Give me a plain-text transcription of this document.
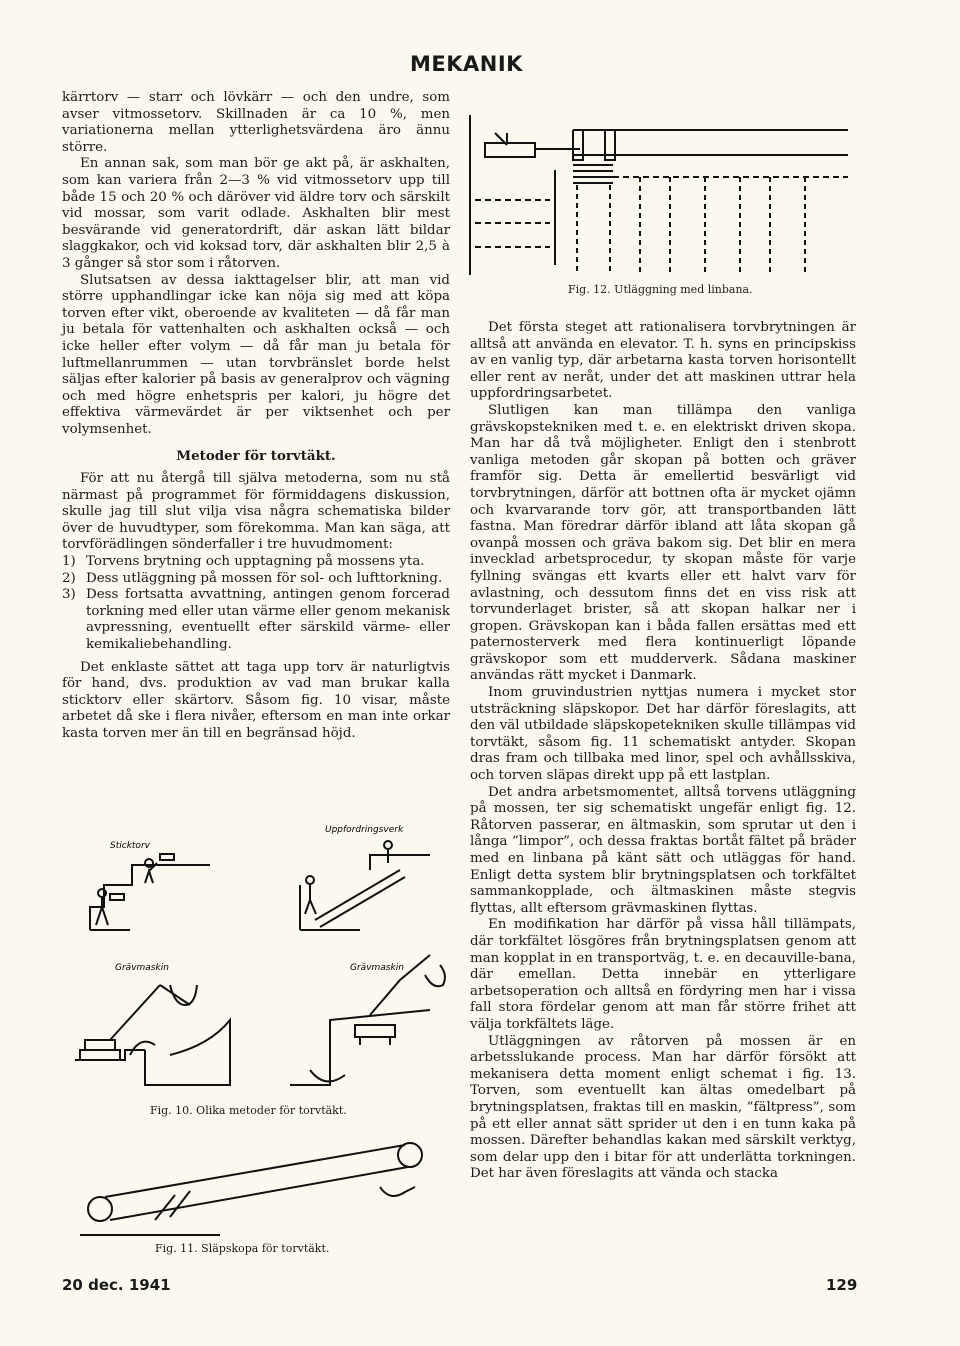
MEKANIK

kärrtorv — starr och lövkärr — och den undre, som avser vitmossetorv. Skillnaden är ca 10 %, men variationerna mellan ytterlighetsvärdena äro ännu större.

En annan sak, som man bör ge akt på, är askhalten, som kan variera från 2—3 % vid vitmossetorv upp till både 15 och 20 % och däröver vid äldre torv och särskilt vid mossar, som varit odlade. Askhalten blir mest besvärande vid generatordrift, där askan lätt bildar slaggkakor, och vid koksad torv, där askhalten blir 2,5 à 3 gånger så stor som i råtorven.

Slutsatsen av dessa iakttagelser blir, att man vid större upphandlingar icke kan nöja sig med att köpa torven efter vikt, oberoende av kvaliteten — då får man ju betala för vattenhalten och askhalten också — och icke heller efter volym — då får man ju betala för luftmellanrummen — utan torvbränslet borde helst säljas efter kalorier på basis av generalprov och vägning och med högre enhetspris per kalori, ju högre det effektiva värmevärdet är per viktsenhet och per volymsenhet.

Metoder för torvtäkt.

För att nu återgå till själva metoderna, som nu stå närmast på programmet för förmiddagens diskussion, skulle jag till slut vilja visa några schematiska bilder över de huvudtyper, som förekomma. Man kan säga, att torvförädlingen sönderfaller i tre huvudmoment:

1) Torvens brytning och upptagning på mossens yta.
2) Dess utläggning på mossen för sol- och lufttorkning.
3) Dess fortsatta avvattning, antingen genom forcerad torkning med eller utan värme eller genom mekanisk avpressning, eventuellt efter särskild värme- eller kemikaliebehandling.

Det enklaste sättet att taga upp torv är naturligtvis för hand, dvs. produktion av vad man brukar kalla sticktorv eller skärtorv. Såsom fig. 10 visar, måste arbetet då ske i flera nivåer, eftersom en man inte orkar kasta torven mer än till en begränsad höjd.

Sticktorv
Uppfordringsverk
Grävmaskin	Grävmaskin
Fig. 10. Olika metoder för torvtäkt.
Fig. 11. Släpskopa för torvtäkt.
Fig. 12. Utläggning med linbana.

Det första steget att rationalisera torvbrytningen är alltså att använda en elevator. T. h. syns en principskiss av en vanlig typ, där arbetarna kasta torven horisontellt eller rent av neråt, under det att maskinen uttrar hela uppfordringsarbetet.

Slutligen kan man tillämpa den vanliga grävskopstekniken med t. e. en elektriskt driven skopa. Man har då två möjligheter. Enligt den i stenbrott vanliga metoden går skopan på botten och gräver framför sig. Detta är emellertid besvärligt vid torvbrytningen, därför att bottnen ofta är mycket ojämn och kvarvarande torv gör, att transportbanden lätt fastna. Man föredrar därför ibland att låta skopan gå ovanpå mossen och gräva bakom sig. Det blir en mera invecklad arbetsprocedur, ty skopan måste för varje fyllning svängas ett kvarts eller ett halvt varv för avlastning, och dessutom finns det en viss risk att torvunderlaget brister, så att skopan halkar ner i gropen. Grävskopan kan i båda fallen ersättas med ett paternosterverk med flera kontinuerligt löpande grävskopor som ett mudderverk. Sådana maskiner användas rätt mycket i Danmark.

Inom gruvindustrien nyttjas numera i mycket stor utsträckning släpskopor. Det har därför föreslagits, att den väl utbildade släpskopetekniken skulle tillämpas vid torvtäkt, såsom fig. 11 schematiskt antyder. Skopan dras fram och tillbaka med linor, spel och avhållsskiva, och torven släpas direkt upp på ett lastplan.

Det andra arbetsmomentet, alltså torvens utläggning på mossen, ter sig schematiskt ungefär enligt fig. 12. Råtorven passerar, en ältmaskin, som sprutar ut den i långa ”limpor”, och dessa fraktas bortåt fältet på bräder med en linbana på känt sätt och utläggas för hand. Enligt detta system blir brytningsplatsen och torkfältet sammankopplade, och ältmaskinen måste stegvis flyttas, allt eftersom grävmaskinen flyttas.

En modifikation har därför på vissa håll tillämpats, där torkfältet lösgöres från brytningsplatsen genom att man kopplat in en transportväg, t. e. en decauville-bana, där emellan. Detta innebär en ytterligare arbetsoperation och alltså en fördyring men har i vissa fall stora fördelar genom att man får större frihet att välja torkfältets läge.

Utläggningen av råtorven på mossen är en arbetsslukande process. Man har därför försökt att mekanisera detta moment enligt schemat i fig. 13. Torven, som eventuellt kan ältas omedelbart på brytningsplatsen, fraktas till en maskin, ”fältpress”, som på ett eller annat sätt sprider ut den i en tunn kaka på mossen. Därefter behandlas kakan med särskilt verktyg, som delar upp den i bitar för att underlätta torkningen. Det har även föreslagits att vända och stacka

20 dec. 1941	129
